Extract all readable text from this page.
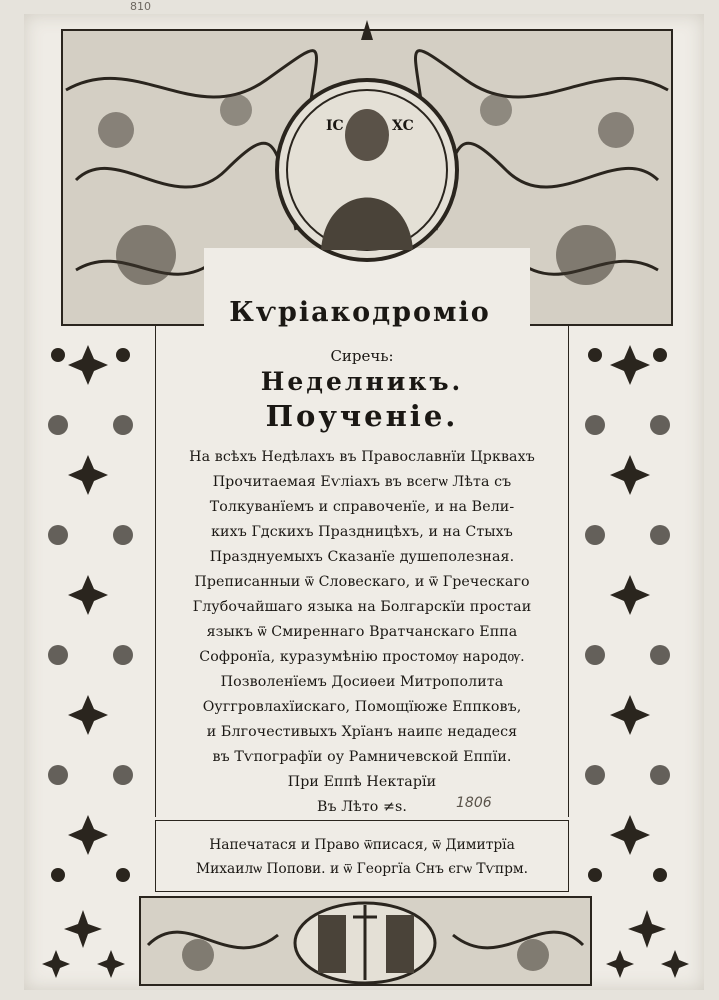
810
IC	XC
Кѵріакодроміо
Сиречь:
Неделникъ.
Поученіе.
На всѣхъ Недѣлахъ въ Православнїи Црквахъ
Прочитаемая Еѵліахъ въ всегѡ Лѣта съ
Толкуванїемъ и справоченїе, и на Вели-
кихъ Гдскихъ Праздницѣхъ, и на Стыхъ
Празднуемыхъ Сказанїе душеполезная.
Преписанныи ѿ Словескаго, и ѿ Греческаго
Глубочайшаго языка на Болгарскїи простаи
языкъ ѿ Смиреннаго Вратчанскаго Еппа
Софронїа, куразумѣнію простомѹ народѹ.
Позволенїемъ Досиѳеи Митрополита
Оуггровлахїискаго, Помощїюже Еппковъ,
и Блгочестивыхъ Хрїанъ наипє недадеся
въ Тѵпографїи оу Рамничевской Еппїи.
При Еппѣ Нектарїи
Въ Лѣто ≠ѕ.	1806
Напечатася и Право ѿписася, ѿ Димитрїа
Михаилѡ Попови. и ѿ Георгїа Снъ єгѡ Тѵпрм.
